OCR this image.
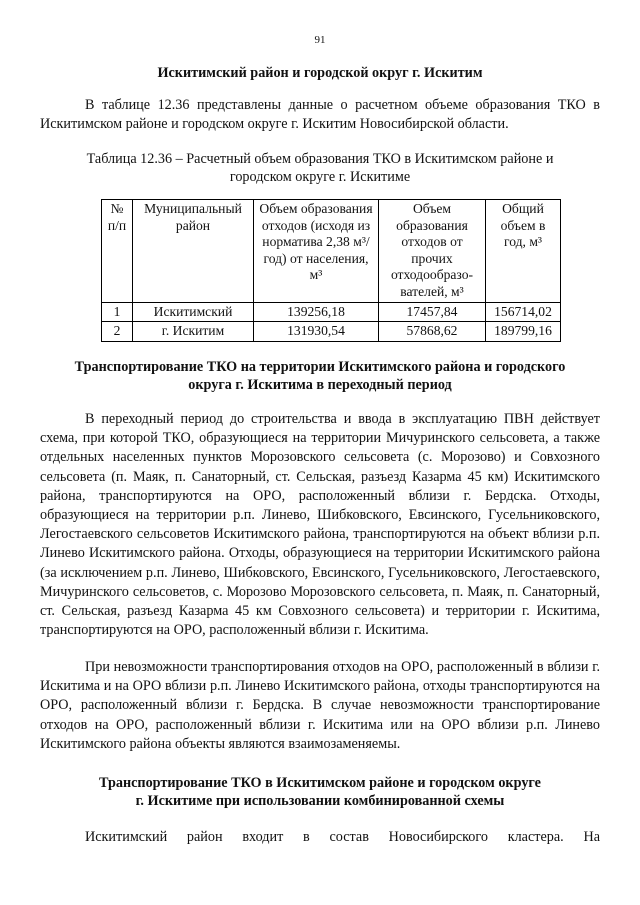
91
Искитимский район и городской округ г. Искитим

В таблице 12.36 представлены данные о расчетном объеме образования ТКО в Искитимском районе и городском округе г. Искитим Новосибирской области.

Таблица 12.36 – Расчетный объем образования ТКО в Искитимском районе и
городском округе г. Искитиме
№ п/п	Муниципальный район	Объем образования отходов (исходя из норматива 2,38 м³/год) от населения, м³	Объем образования отходов от прочих отходообразо-вателей, м³	Общий объем в год, м³
1	Искитимский	139256,18	17457,84	156714,02
2	г. Искитим	131930,54	57868,62	189799,16
Транспортирование ТКО на территории Искитимского района и городского
округа г. Искитима в переходный период

В переходный период до строительства и ввода в эксплуатацию ПВН действует схема, при которой ТКО, образующиеся на территории Мичуринского сельсовета, а также отдельных населенных пунктов Морозовского сельсовета (с. Морозово) и Совхозного сельсовета (п. Маяк, п. Санаторный, ст. Сельская, разъезд Казарма 45 км) Искитимского района, транспортируются на ОРО, расположенный вблизи г. Бердска. Отходы, образующиеся на территории р.п. Линево, Шибковского, Евсинского, Гусельниковского, Легостаевского сельсоветов Искитимского района, транспортируются на объект вблизи р.п. Линево Искитимского района. Отходы, образующиеся на территории Искитимского района (за исключением р.п. Линево, Шибковского, Евсинского, Гусельниковского, Легостаевского, Мичуринского сельсоветов, с. Морозово Морозовского сельсовета, п. Маяк, п. Санаторный, ст. Сельская, разъезд Казарма 45 км Совхозного сельсовета) и территории г. Искитима, транспортируются на ОРО, расположенный вблизи г. Искитима.

При невозможности транспортирования отходов на ОРО, расположенный в вблизи г. Искитима и на ОРО вблизи р.п. Линево Искитимского района, отходы транспортируются на ОРО, расположенный вблизи г. Бердска. В случае невозможности транспортирование отходов на ОРО, расположенный вблизи г. Искитима или на ОРО вблизи р.п. Линево Искитимского района объекты являются взаимозаменяемы.

Транспортирование ТКО в Искитимском районе и городском округе
г. Искитиме при использовании комбинированной схемы

Искитимский район входит в состав Новосибирского кластера. На
